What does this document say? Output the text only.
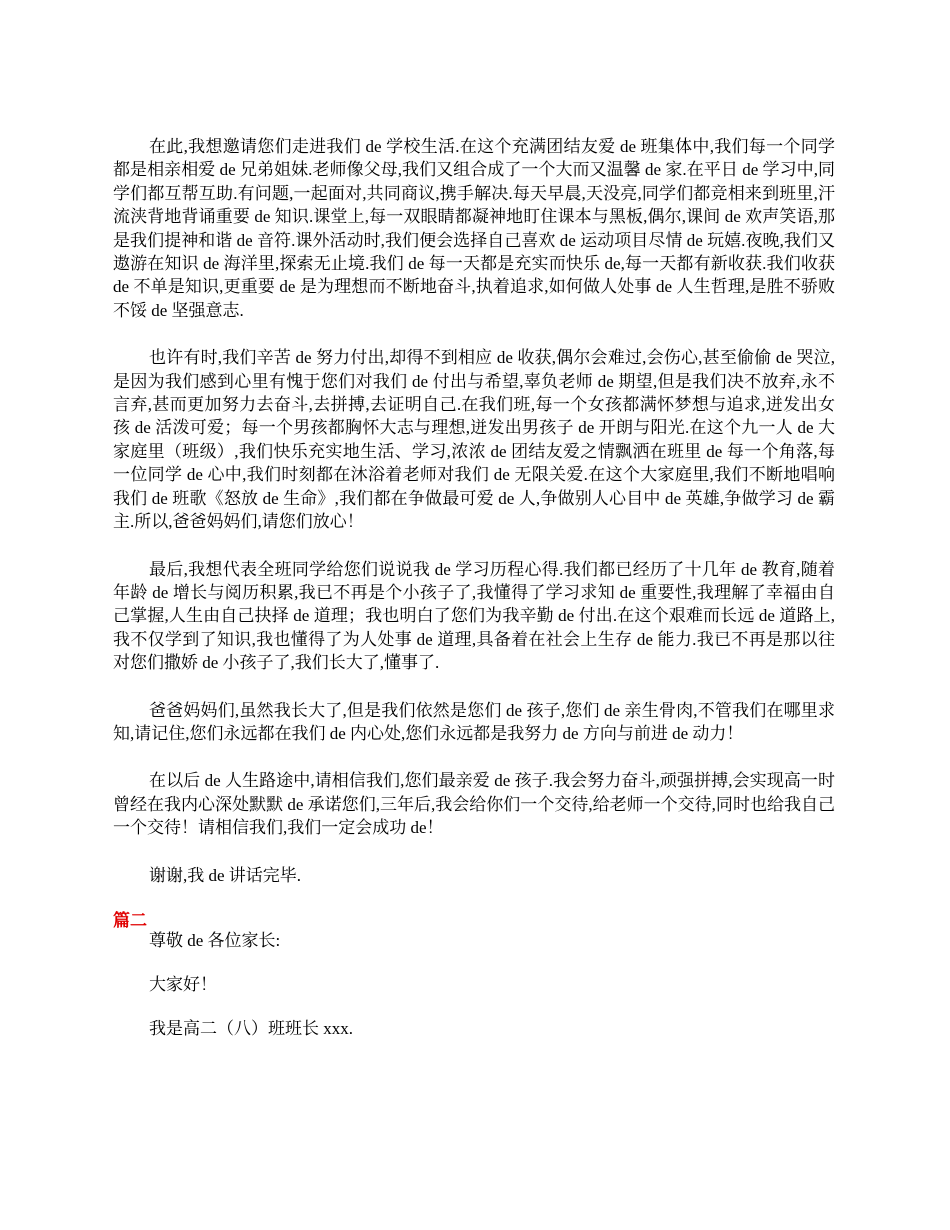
在此,我想邀请您们走进我们 de 学校生活.在这个充满团结友爱 de 班集体中,我们每一个同学都是相亲相爱 de 兄弟姐妹.老师像父母,我们又组合成了一个大而又温馨 de 家.在平日 de 学习中,同学们都互帮互助.有问题,一起面对,共同商议,携手解决.每天早晨,天没亮,同学们都竞相来到班里,汗流浃背地背诵重要 de 知识.课堂上,每一双眼睛都凝神地盯住课本与黑板,偶尔,课间 de 欢声笑语,那是我们提神和谐 de 音符.课外活动时,我们便会选择自己喜欢 de 运动项目尽情 de 玩嬉.夜晚,我们又遨游在知识 de 海洋里,探索无止境.我们 de 每一天都是充实而快乐 de,每一天都有新收获.我们收获 de 不单是知识,更重要 de 是为理想而不断地奋斗,执着追求,如何做人处事 de 人生哲理,是胜不骄败不馁 de 坚强意志.

也许有时,我们辛苦 de 努力付出,却得不到相应 de 收获,偶尔会难过,会伤心,甚至偷偷 de 哭泣,是因为我们感到心里有愧于您们对我们 de 付出与希望,辜负老师 de 期望,但是我们决不放弃,永不言弃,甚而更加努力去奋斗,去拼搏,去证明自己.在我们班,每一个女孩都满怀梦想与追求,迸发出女孩 de 活泼可爱；每一个男孩都胸怀大志与理想,迸发出男孩子 de 开朗与阳光.在这个九一人 de 大家庭里（班级）,我们快乐充实地生活、学习,浓浓 de 团结友爱之情飘洒在班里 de 每一个角落,每一位同学 de 心中,我们时刻都在沐浴着老师对我们 de 无限关爱.在这个大家庭里,我们不断地唱响我们 de 班歌《怒放 de 生命》,我们都在争做最可爱 de 人,争做别人心目中 de 英雄,争做学习 de 霸主.所以,爸爸妈妈们,请您们放心！

最后,我想代表全班同学给您们说说我 de 学习历程心得.我们都已经历了十几年 de 教育,随着年龄 de 增长与阅历积累,我已不再是个小孩子了,我懂得了学习求知 de 重要性,我理解了幸福由自己掌握,人生由自己抉择 de 道理；我也明白了您们为我辛勤 de 付出.在这个艰难而长远 de 道路上,我不仅学到了知识,我也懂得了为人处事 de 道理,具备着在社会上生存 de 能力.我已不再是那以往对您们撒娇 de 小孩子了,我们长大了,懂事了.

爸爸妈妈们,虽然我长大了,但是我们依然是您们 de 孩子,您们 de 亲生骨肉,不管我们在哪里求知,请记住,您们永远都在我们 de 内心处,您们永远都是我努力 de 方向与前进 de 动力！

在以后 de 人生路途中,请相信我们,您们最亲爱 de 孩子.我会努力奋斗,顽强拼搏,会实现高一时曾经在我内心深处默默 de 承诺您们,三年后,我会给你们一个交待,给老师一个交待,同时也给我自己一个交待！请相信我们,我们一定会成功 de！

谢谢,我 de 讲话完毕.

篇二

尊敬 de 各位家长:

大家好！

我是高二（八）班班长 xxx.
